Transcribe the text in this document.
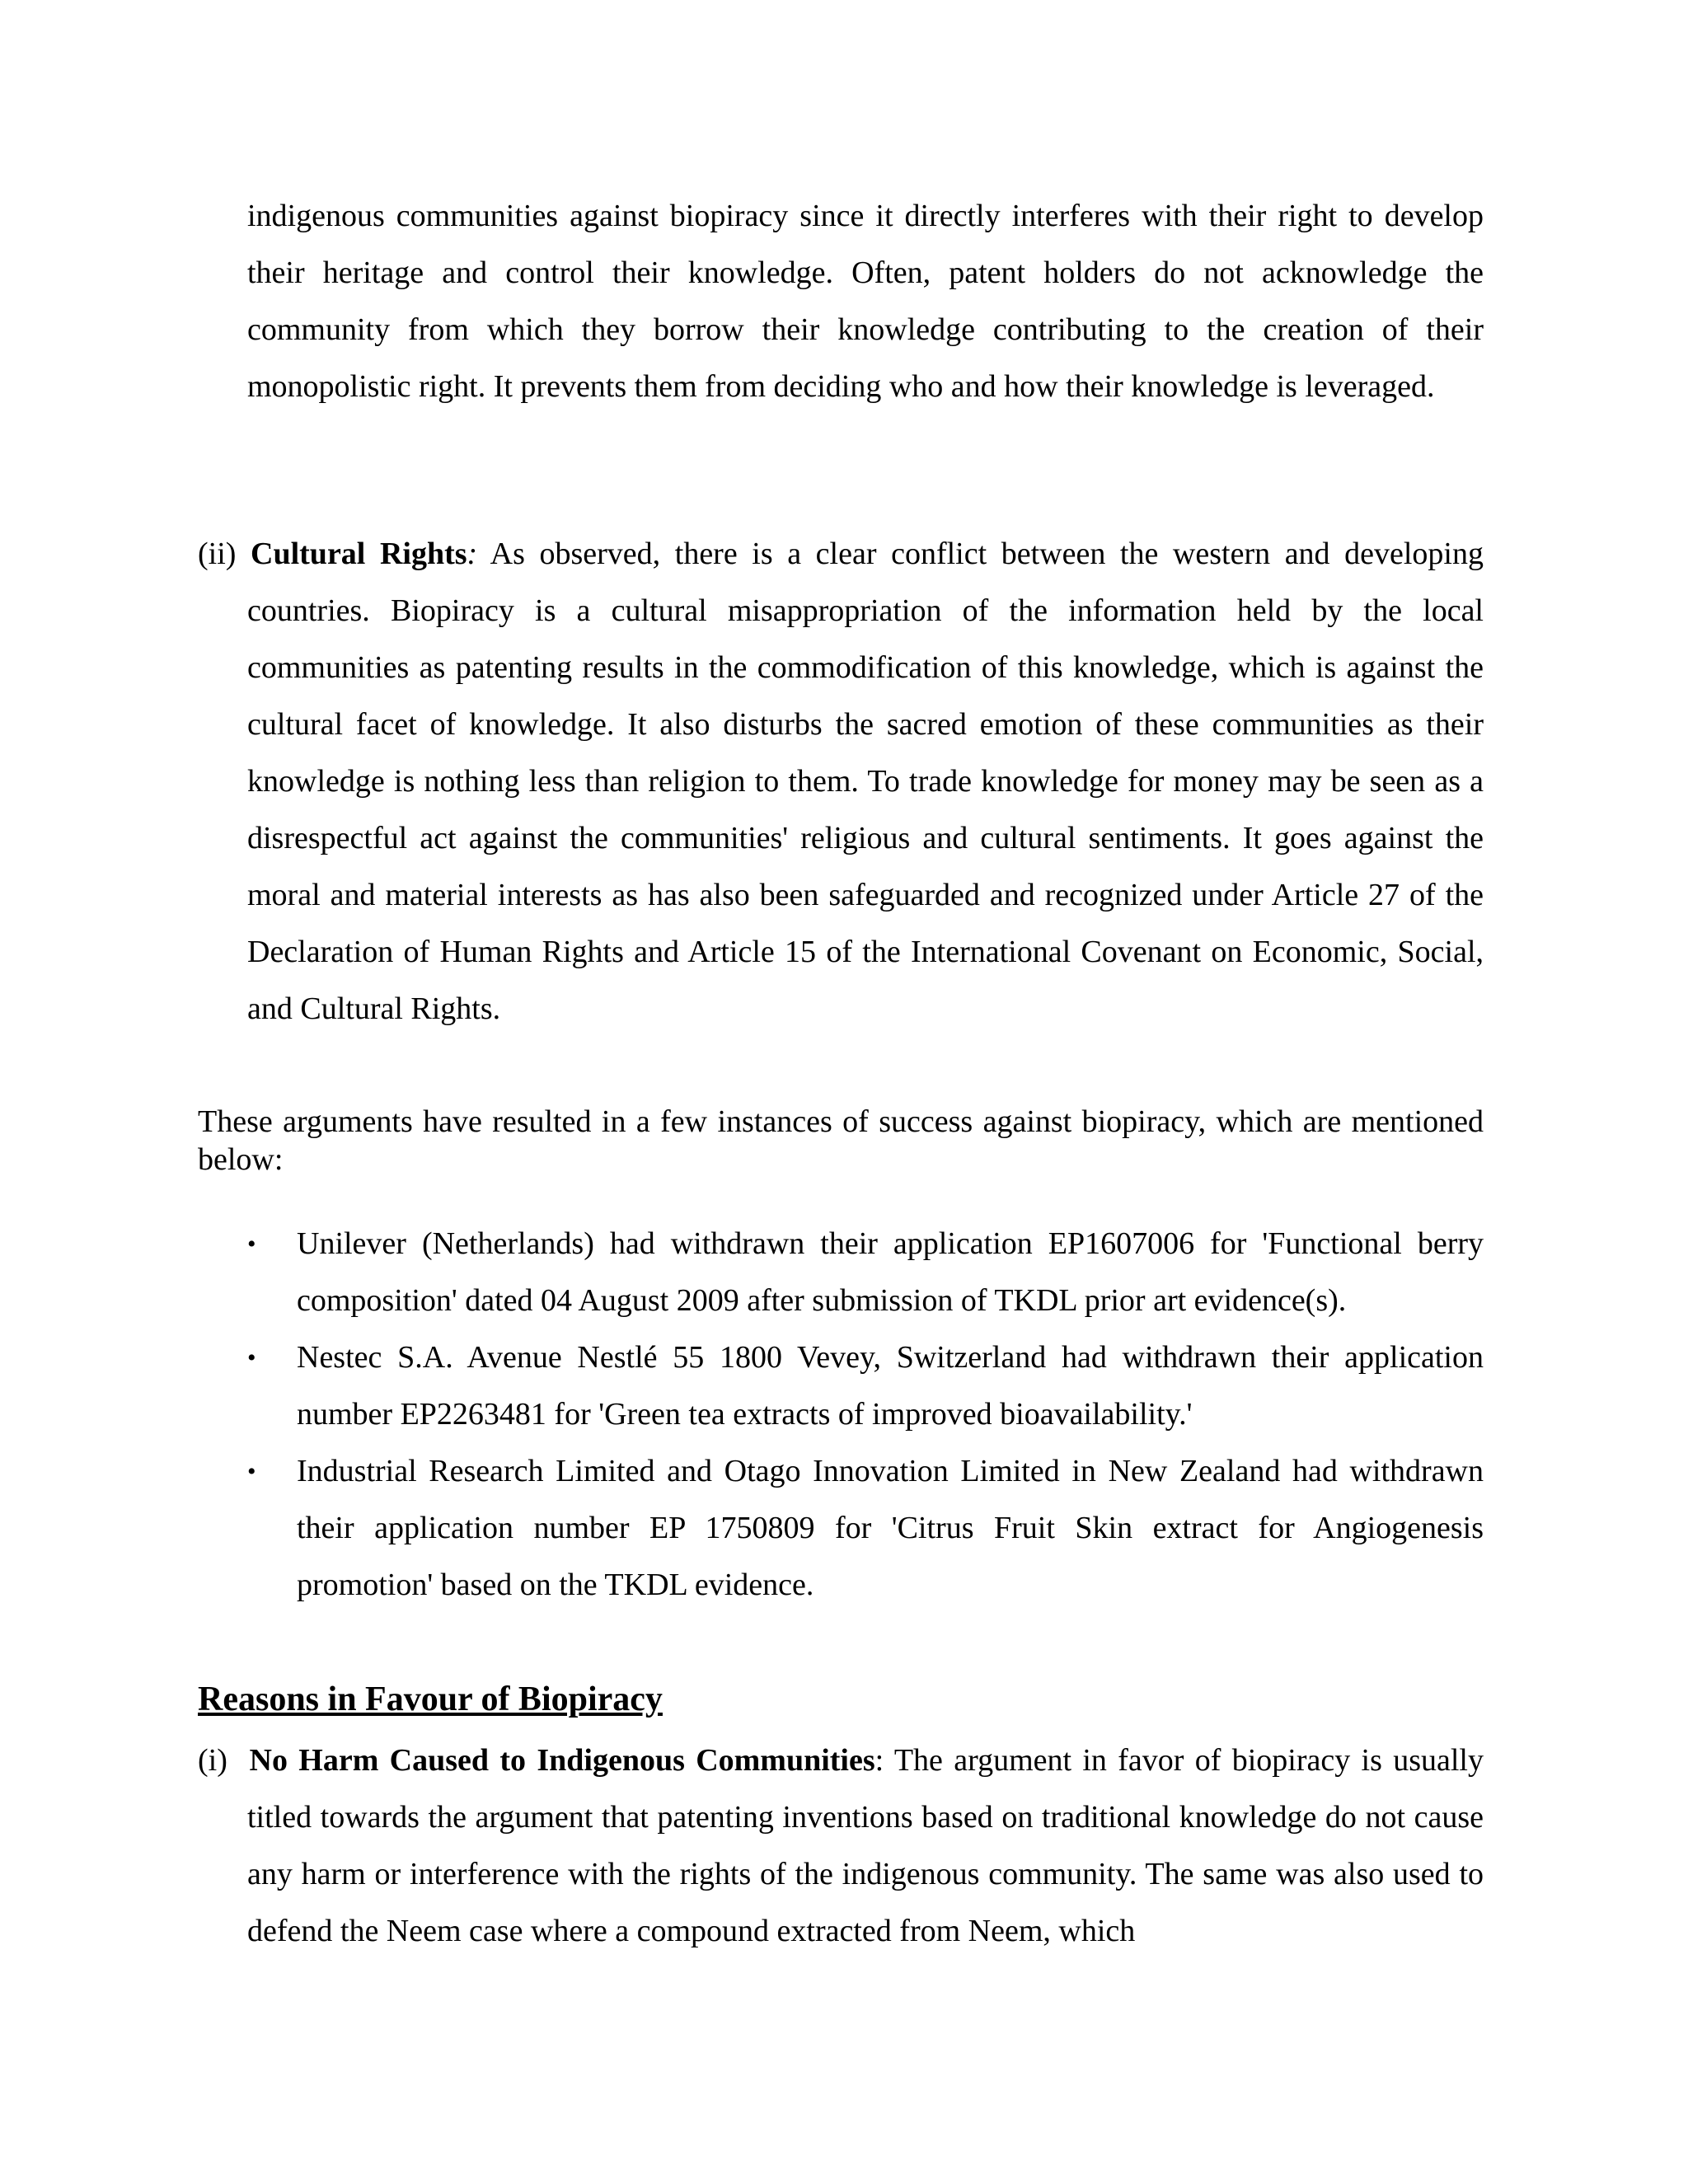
indigenous communities against biopiracy since it directly interferes with their right to develop their heritage and control their knowledge. Often, patent holders do not acknowledge the community from which they borrow their knowledge contributing to the creation of their monopolistic right. It prevents them from deciding who and how their knowledge is leveraged.

(ii) Cultural Rights: As observed, there is a clear conflict between the western and developing countries. Biopiracy is a cultural misappropriation of the information held by the local communities as patenting results in the commodification of this knowledge, which is against the cultural facet of knowledge. It also disturbs the sacred emotion of these communities as their knowledge is nothing less than religion to them. To trade knowledge for money may be seen as a disrespectful act against the communities' religious and cultural sentiments. It goes against the moral and material interests as has also been safeguarded and recognized under Article 27 of the Declaration of Human Rights and Article 15 of the International Covenant on Economic, Social, and Cultural Rights.

These arguments have resulted in a few instances of success against biopiracy, which are mentioned below:

• Unilever (Netherlands) had withdrawn their application EP1607006 for 'Functional berry composition' dated 04 August 2009 after submission of TKDL prior art evidence(s).
• Nestec S.A. Avenue Nestlé 55 1800 Vevey, Switzerland had withdrawn their application number EP2263481 for 'Green tea extracts of improved bioavailability.'
• Industrial Research Limited and Otago Innovation Limited in New Zealand had withdrawn their application number EP 1750809 for 'Citrus Fruit Skin extract for Angiogenesis promotion' based on the TKDL evidence.
Reasons in Favour of Biopiracy

(i)  No Harm Caused to Indigenous Communities: The argument in favor of biopiracy is usually titled towards the argument that patenting inventions based on traditional knowledge do not cause any harm or interference with the rights of the indigenous community. The same was also used to defend the Neem case where a compound extracted from Neem, which
